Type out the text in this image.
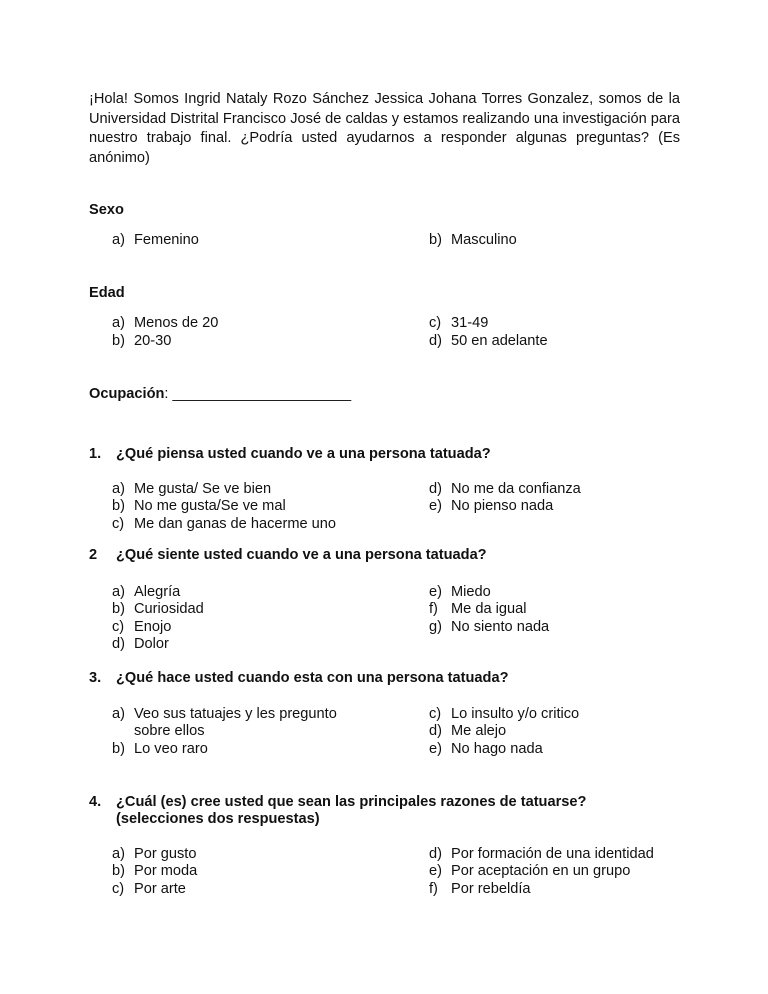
¡Hola! Somos Ingrid Nataly Rozo Sánchez Jessica Johana Torres Gonzalez, somos de la Universidad Distrital Francisco José de caldas y estamos realizando una investigación para nuestro trabajo final. ¿Podría usted ayudarnos a responder algunas preguntas? (Es anónimo)
Sexo
a) Femenino	b) Masculino
Edad
a) Menos de 20
b) 20-30
c) 31-49
d) 50 en adelante
Ocupación: ______________________
1. ¿Qué piensa usted cuando ve a una persona tatuada?
a) Me gusta/ Se ve bien
b) No me gusta/Se ve mal
c) Me dan ganas de hacerme uno
d) No me da confianza
e) No pienso nada
2 ¿Qué siente usted cuando ve a una persona tatuada?
a) Alegría
b) Curiosidad
c) Enojo
d) Dolor
e) Miedo
f) Me da igual
g) No siento nada
3. ¿Qué hace usted cuando esta con una persona tatuada?
a) Veo sus tatuajes y les pregunto
sobre ellos
b) Lo veo raro
c) Lo insulto y/o critico
d) Me alejo
e) No hago nada
4. ¿Cuál (es) cree usted que sean las principales razones de tatuarse?
(selecciones dos respuestas)
a) Por gusto
b) Por moda
c) Por arte
d) Por formación de una identidad
e) Por aceptación en un grupo
f) Por rebeldía
